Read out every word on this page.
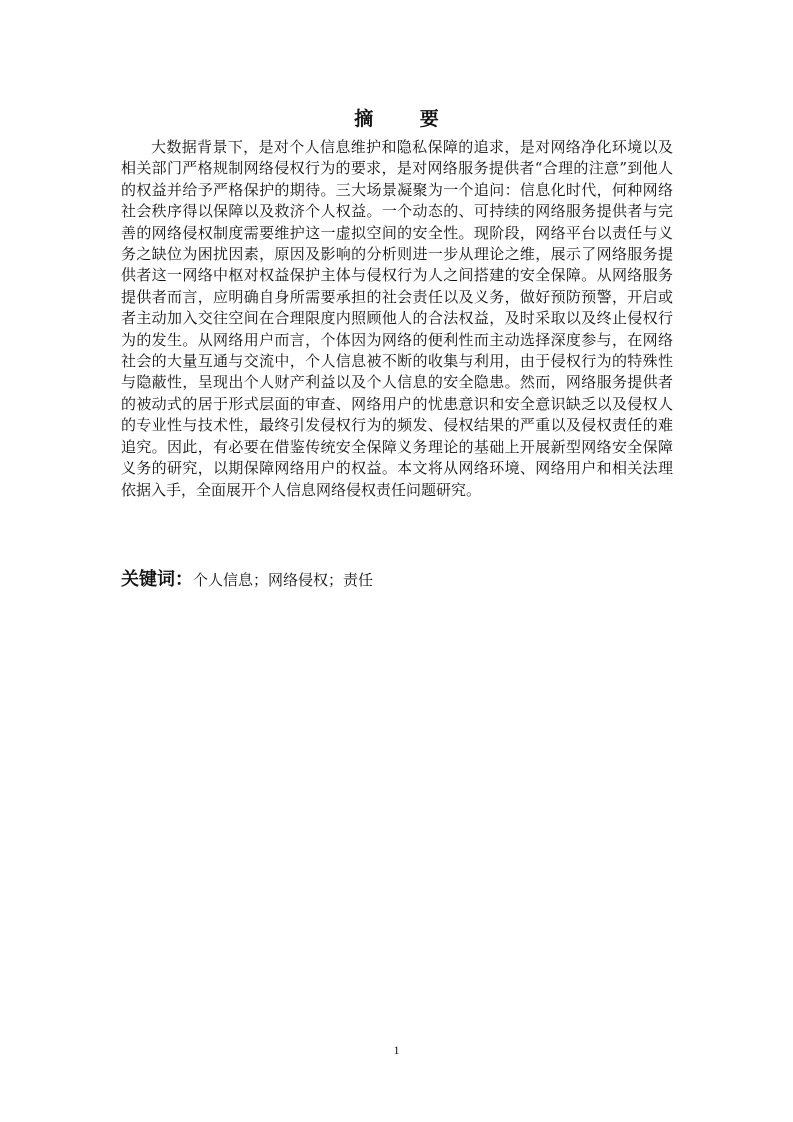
摘 要

大数据背景下，是对个人信息维护和隐私保障的追求，是对网络净化环境以及相关部门严格规制网络侵权行为的要求，是对网络服务提供者“合理的注意”到他人的权益并给予严格保护的期待。三大场景凝聚为一个追问：信息化时代，何种网络社会秩序得以保障以及救济个人权益。一个动态的、可持续的网络服务提供者与完善的网络侵权制度需要维护这一虚拟空间的安全性。现阶段，网络平台以责任与义务之缺位为困扰因素，原因及影响的分析则进一步从理论之维，展示了网络服务提供者这一网络中枢对权益保护主体与侵权行为人之间搭建的安全保障。从网络服务提供者而言，应明确自身所需要承担的社会责任以及义务，做好预防预警，开启或者主动加入交往空间在合理限度内照顾他人的合法权益，及时采取以及终止侵权行为的发生。从网络用户而言，个体因为网络的便利性而主动选择深度参与，在网络社会的大量互通与交流中，个人信息被不断的收集与利用，由于侵权行为的特殊性与隐蔽性，呈现出个人财产利益以及个人信息的安全隐患。然而，网络服务提供者的被动式的居于形式层面的审查、网络用户的忧患意识和安全意识缺乏以及侵权人的专业性与技术性，最终引发侵权行为的频发、侵权结果的严重以及侵权责任的难追究。因此，有必要在借鉴传统安全保障义务理论的基础上开展新型网络安全保障义务的研究，以期保障网络用户的权益。本文将从网络环境、网络用户和相关法理依据入手，全面展开个人信息网络侵权责任问题研究。

关键词：个人信息；网络侵权；责任
1
